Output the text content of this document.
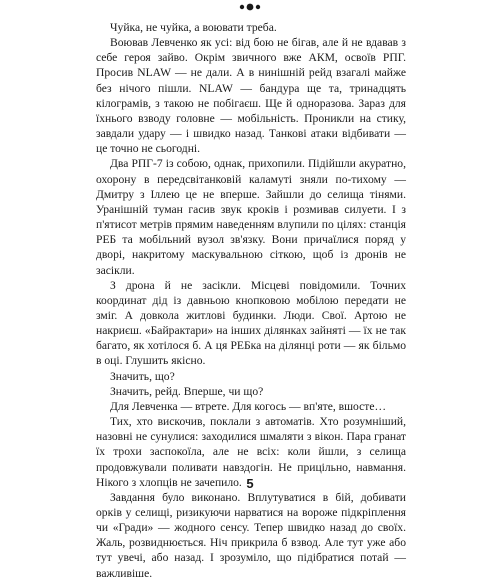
Чуйка, не чуйка, а воювати треба.

Воював Левченко як усі: від бою не бігав, але й не вдавав з себе героя зайво. Окрім звичного вже АКМ, освоїв РПГ. Просив NLAW — не дали. А в нинішній рейд взагалі майже без нічого пішли. NLAW — бандура ще та, тринадцять кілограмів, з такою не побігаєш. Ще й одноразова. Зараз для їхнього взводу головне — мобільність. Проникли на стику, завдали удару — і швидко назад. Танкові атаки відбивати — це точно не сьогодні.

Два РПГ-7 із собою, однак, прихопили. Підійшли акуратно, охорону в передсвітанковій каламуті зняли по-тихому — Дмитру з Іллею це не вперше. Зайшли до селища тінями. Уранішній туман гасив звук кроків і розмивав силуети. І з п'ятисот метрів прямим наведенням влупили по цілях: станція РЕБ та мобільний вузол зв'язку. Вони причаїлися поряд у дворі, накритому маскувальною сіткою, щоб із дронів не засікли.

З дрона й не засікли. Місцеві повідомили. Точних координат дід із давньою кнопковою мобілою передати не зміг. А довкола житлові будинки. Люди. Свої. Артою не накриєш. «Байрактари» на інших ділянках зайняті — їх не так багато, як хотілося б. А ця РЕБка на ділянці роти — як більмо в оці. Глушить якісно.

Значить, що?

Значить, рейд. Вперше, чи що?

Для Левченка — втрете. Для когось — вп'яте, вшосте…

Тих, хто вискочив, поклали з автоматів. Хто розумніший, назовні не сунулися: заходилися шмаляти з вікон. Пара гранат їх трохи заспокоїла, але не всіх: коли йшли, з селища продовжували поливати навздогін. Не прицільно, навмання. Нікого з хлопців не зачепило.

Завдання було виконано. Вплутуватися в бій, добивати орків у селищі, ризикуючи нарватися на вороже підкріплення чи «Гради» — жодного сенсу. Тепер швидко назад до своїх. Жаль, розвиднюється. Ніч прикрила б взвод. Але тут уже або тут увечі, або назад. І зрозуміло, що підібратися потай — важливіше.

5
